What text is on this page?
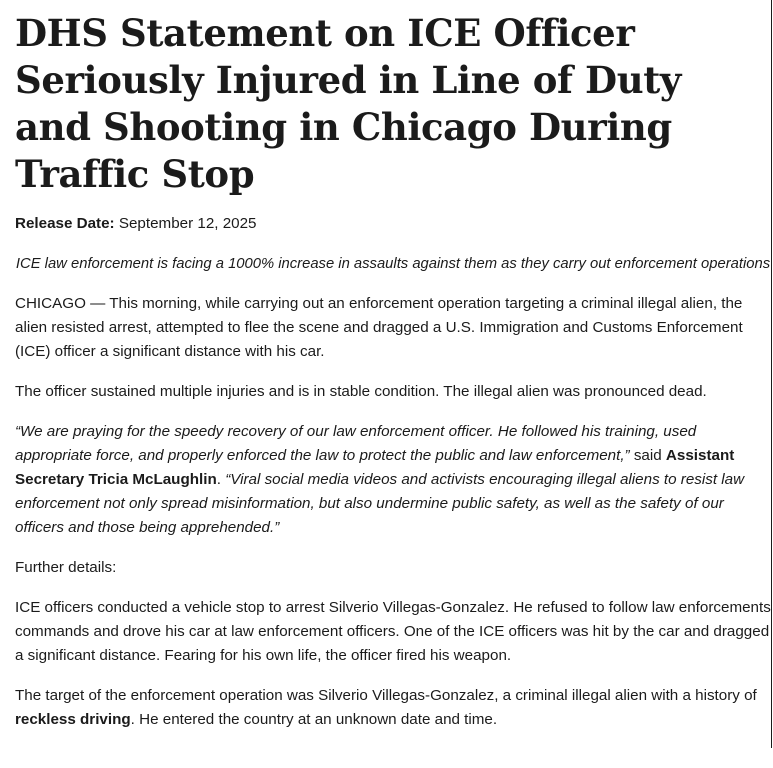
DHS Statement on ICE Officer Seriously Injured in Line of Duty and Shooting in Chicago During Traffic Stop

Release Date: September 12, 2025

ICE law enforcement is facing a 1000% increase in assaults against them as they carry out enforcement operations

CHICAGO — This morning, while carrying out an enforcement operation targeting a criminal illegal alien, the alien resisted arrest, attempted to flee the scene and dragged a U.S. Immigration and Customs Enforcement (ICE) officer a significant distance with his car.

The officer sustained multiple injuries and is in stable condition. The illegal alien was pronounced dead.

“We are praying for the speedy recovery of our law enforcement officer. He followed his training, used appropriate force, and properly enforced the law to protect the public and law enforcement,” said Assistant Secretary Tricia McLaughlin. “Viral social media videos and activists encouraging illegal aliens to resist law enforcement not only spread misinformation, but also undermine public safety, as well as the safety of our officers and those being apprehended.”

Further details:

ICE officers conducted a vehicle stop to arrest Silverio Villegas-Gonzalez. He refused to follow law enforcements commands and drove his car at law enforcement officers. One of the ICE officers was hit by the car and dragged a significant distance. Fearing for his own life, the officer fired his weapon.

The target of the enforcement operation was Silverio Villegas-Gonzalez, a criminal illegal alien with a history of reckless driving. He entered the country at an unknown date and time.
